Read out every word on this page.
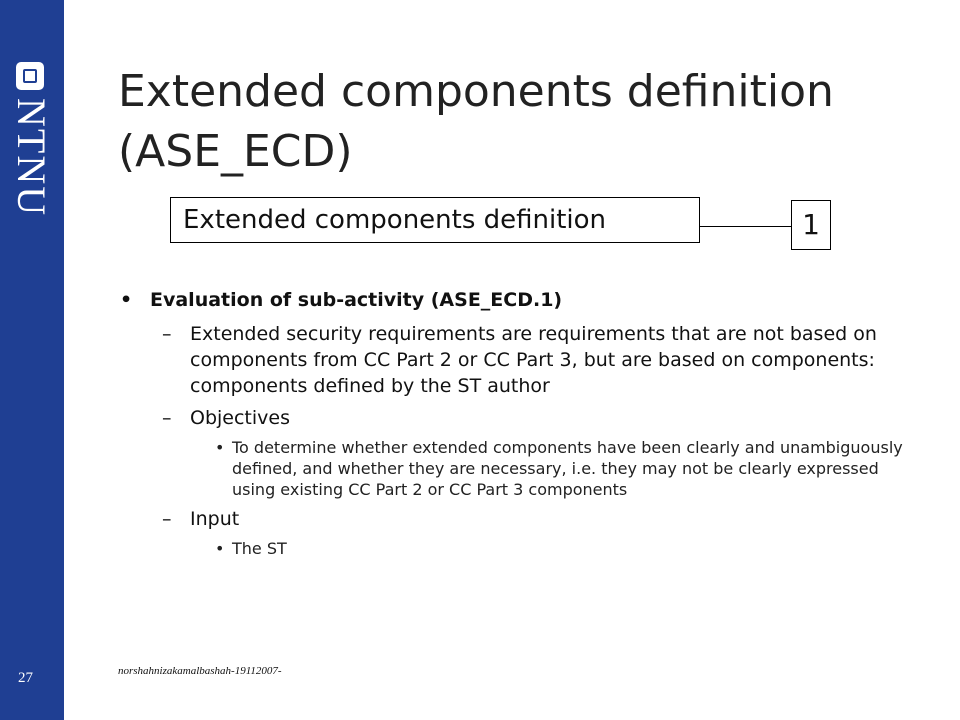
NTNU
27
Extended components definition (ASE_ECD)
Extended components definition	1
• Evaluation of sub-activity (ASE_ECD.1)
– Extended security requirements are requirements that are not based on components from CC Part 2 or CC Part 3, but are based on components: components defined by the ST author
– Objectives
• To determine whether extended components have been clearly and unambiguously defined, and whether they are necessary, i.e. they may not be clearly expressed using existing CC Part 2 or CC Part 3 components
– Input
• The ST
norshahnizakamalbashah-19112007-
